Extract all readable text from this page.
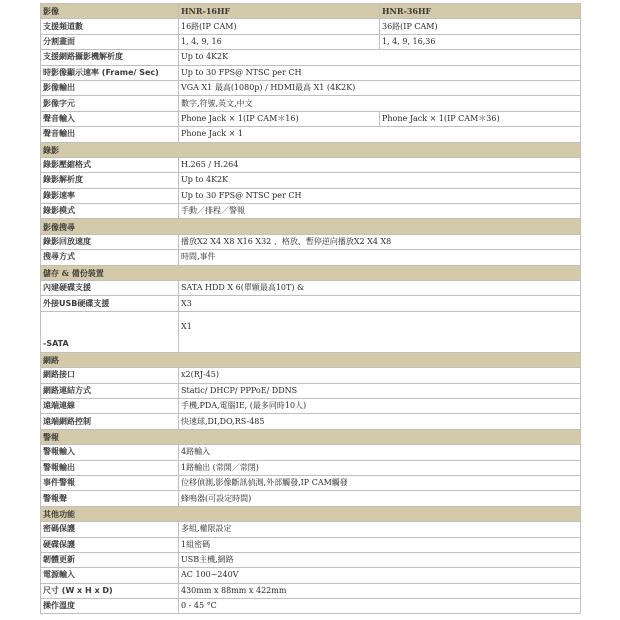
影像	HNR-16HF	HNR-36HF
支援頻道數	16路(IP CAM)	36路(IP CAM)
分割畫面	1, 4, 9, 16	1, 4, 9, 16,36
支援網路攝影機解析度	Up to 4K2K	
時影像顯示速率 (Frame/ Sec)	Up to 30 FPS@ NTSC per CH	
影像輸出	VGA X1 最高(1080p) / HDMI最高 X1 (4K2K)	
影像字元	數字,符號,英文,中文	
聲音輸入	Phone Jack × 1(IP CAM＊16)	Phone Jack × 1(IP CAM＊36)
聲音輸出	Phone Jack × 1	
錄影		
錄影壓縮格式	H.265 / H.264	
錄影解析度	Up to 4K2K	
錄影速率	Up to 30 FPS@ NTSC per CH	
錄影模式	手動／排程／警報	
影像搜尋		
錄影回放速度	播放X2 X4 X8 X16 X32 、格放、暫停逆向播放X2 X4 X8	
搜尋方式	時間,事件	
儲存 & 備份裝置		
內建硬碟支援	SATA HDD X 6(單顆最高10T) &	
外接USB硬碟支援	X3	
-SATA	X1	
網路		
網路接口	x2(RJ-45)	
網路連結方式	Static/ DHCP/ PPPoE/ DDNS	
遠端連線	手機,PDA,電腦IE, (最多同時10人)	
遠端網路控制	快速球,DI,DO,RS-485	
警報		
警報輸入	4路輸入	
警報輸出	1路輸出 (常開／常閉)	
事件警報	位移偵測,影像斷訊偵測,外部觸發,IP CAM觸發	
警報聲	蜂鳴器(可設定時間)	
其他功能		
密碼保護	多組,權限設定	
硬碟保護	1組密碼	
韌體更新	USB主機,網路	
電源輸入	AC 100~240V	
尺寸 (W x H x D)	430mm x 88mm x 422mm	
操作溫度	0 - 45 °C	
